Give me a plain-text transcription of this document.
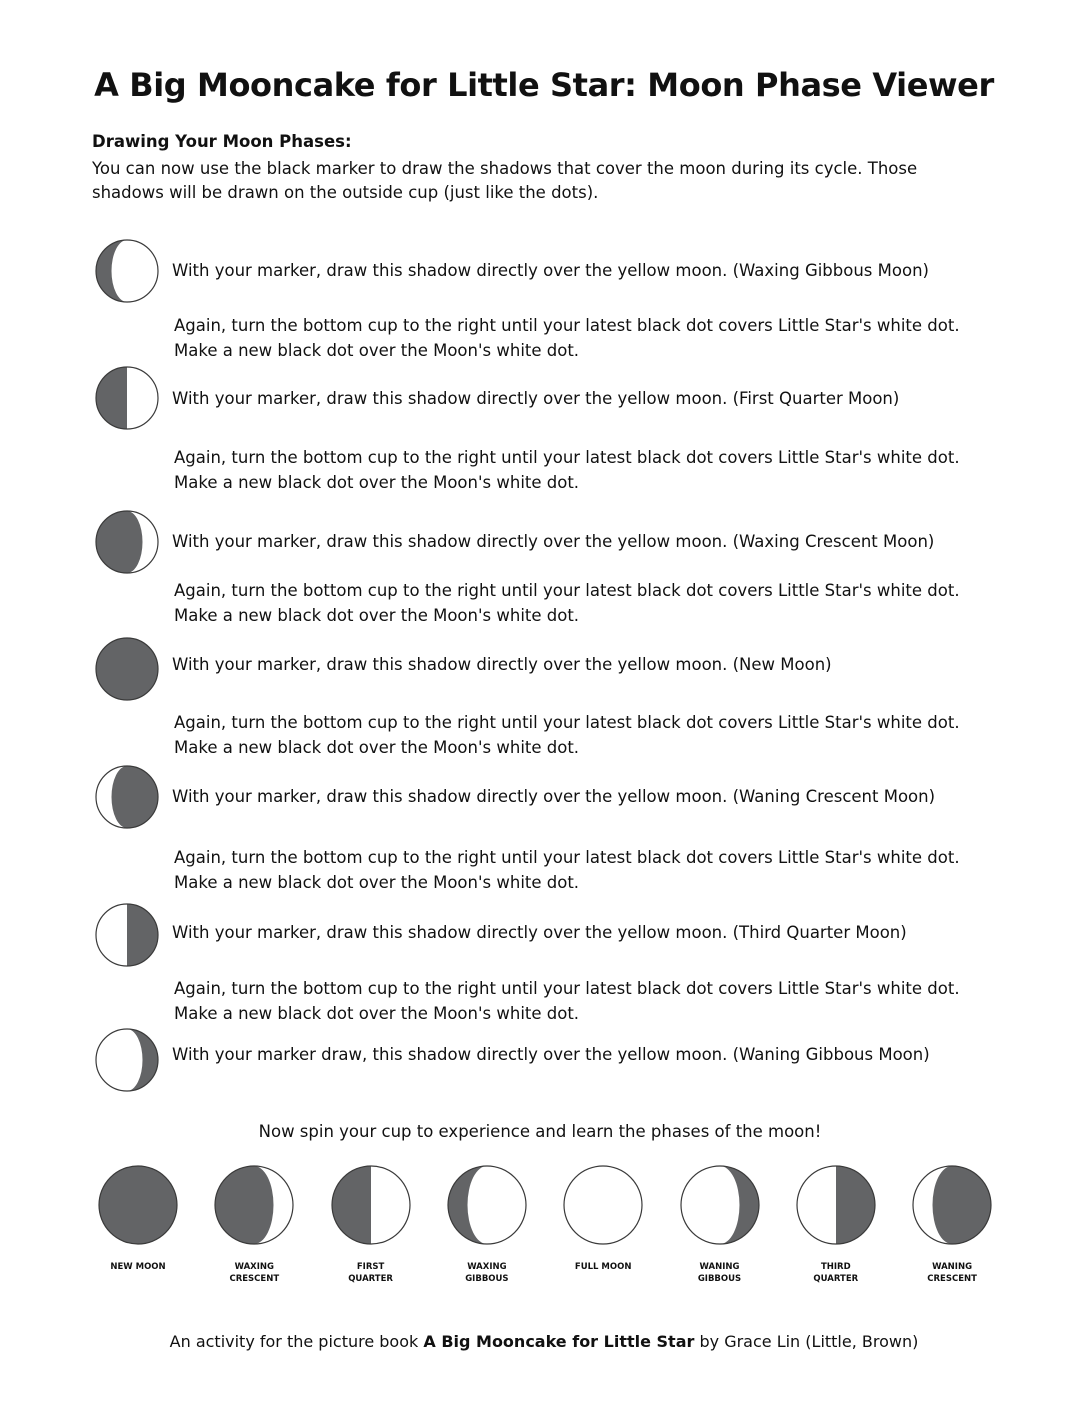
A Big Mooncake for Little Star: Moon Phase Viewer
Drawing Your Moon Phases:
You can now use the black marker to draw the shadows that cover the moon during its cycle. Those shadows will be drawn on the outside cup (just like the dots).
With your marker, draw this shadow directly over the yellow moon. (Waxing Gibbous Moon)
Again, turn the bottom cup to the right until your latest black dot covers Little Star's white dot.
Make a new black dot over the Moon's white dot.
With your marker, draw this shadow directly over the yellow moon. (First Quarter Moon)
Again, turn the bottom cup to the right until your latest black dot covers Little Star's white dot.
Make a new black dot over the Moon's white dot.
With your marker, draw this shadow directly over the yellow moon. (Waxing Crescent Moon)
Again, turn the bottom cup to the right until your latest black dot covers Little Star's white dot.
Make a new black dot over the Moon's white dot.
With your marker, draw this shadow directly over the yellow moon. (New Moon)
Again, turn the bottom cup to the right until your latest black dot covers Little Star's white dot.
Make a new black dot over the Moon's white dot.
With your marker, draw this shadow directly over the yellow moon. (Waning Crescent Moon)
Again, turn the bottom cup to the right until your latest black dot covers Little Star's white dot.
Make a new black dot over the Moon's white dot.
With your marker, draw this shadow directly over the yellow moon. (Third Quarter Moon)
Again, turn the bottom cup to the right until your latest black dot covers Little Star's white dot.
Make a new black dot over the Moon's white dot.
With your marker draw, this shadow directly over the yellow moon. (Waning Gibbous Moon)
Now spin your cup to experience and learn the phases of the moon!
NEW MOON	WAXING
CRESCENT
FIRST
QUARTER
WAXING
GIBBOUS
FULL MOON	WANING
GIBBOUS
THIRD
QUARTER
WANING
CRESCENT
An activity for the picture book A Big Mooncake for Little Star by Grace Lin (Little, Brown)
